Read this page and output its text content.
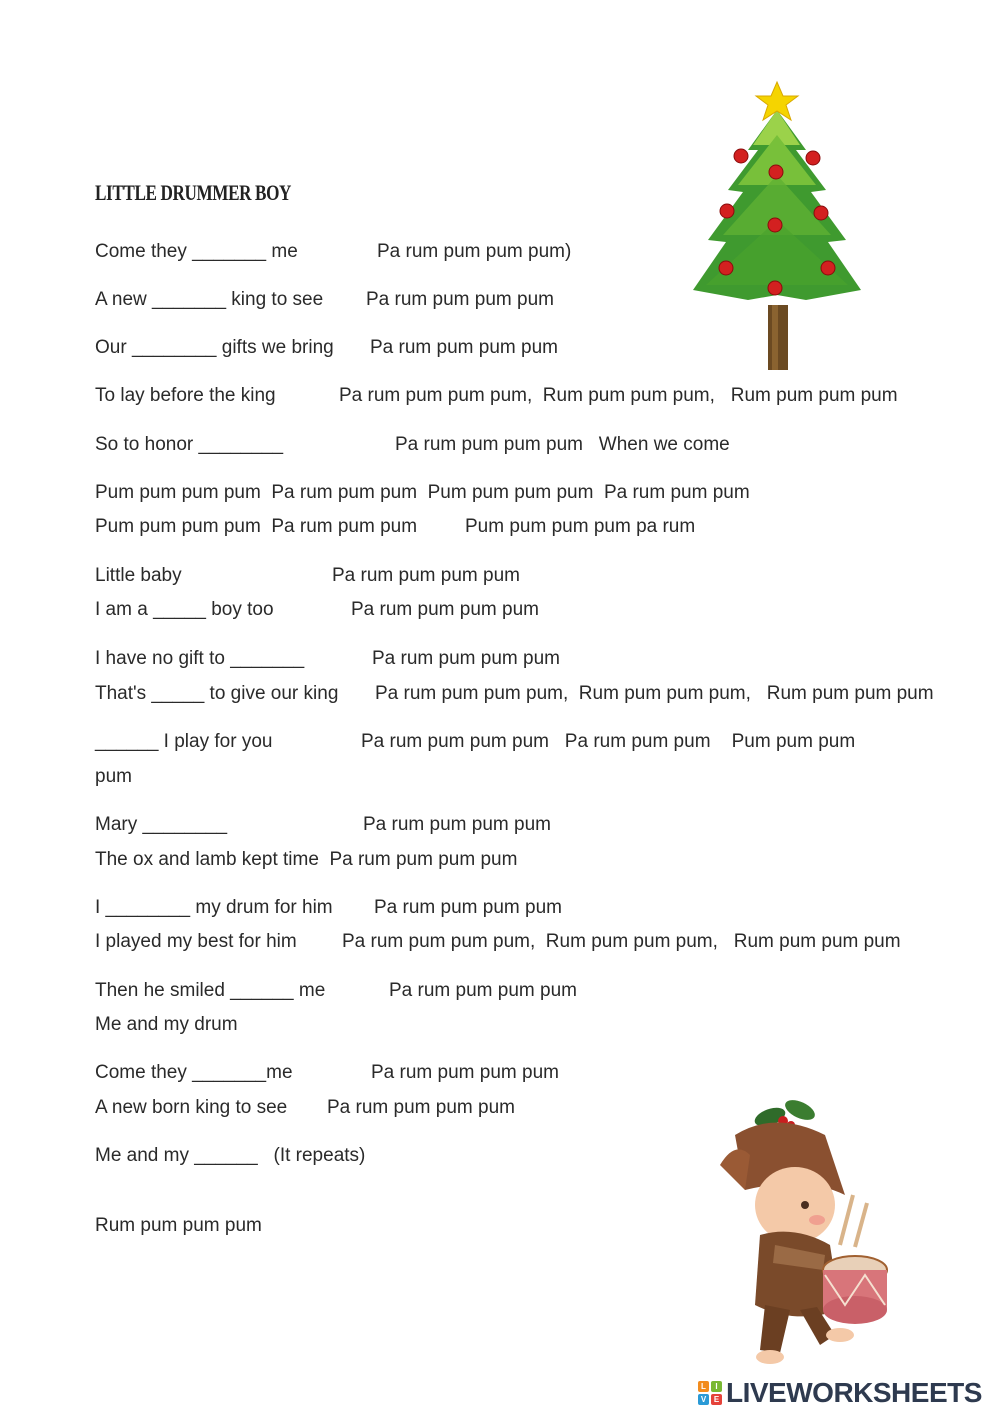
LITTLE DRUMMER BOY
Come they _______ me	Pa rum pum pum pum)
A new _______ king to see Pa rum pum pum pum
Our ________ gifts we bring Pa rum pum pum pum
To lay before the king	Pa rum pum pum pum,  Rum pum pum pum,   Rum pum pum pum
So to honor ________	Pa rum pum pum pum   When we come
Pum pum pum pum  Pa rum pum pum  Pum pum pum pum  Pa rum pum pum
Pum pum pum pum  Pa rum pum pum	Pum pum pum pum pa rum
Little baby	Pa rum pum pum pum
I am a _____ boy too	Pa rum pum pum pum
I have no gift to _______	Pa rum pum pum pum
That's _____ to give our king Pa rum pum pum pum,  Rum pum pum pum,   Rum pum pum pum
______ I play for you	Pa rum pum pum pum   Pa rum pum pum    Pum pum pum
pum
Mary ________	Pa rum pum pum pum
The ox and lamb kept time  Pa rum pum pum pum
I ________ my drum for him Pa rum pum pum pum
I played my best for him Pa rum pum pum pum,  Rum pum pum pum,   Rum pum pum pum
Then he smiled ______ me	Pa rum pum pum pum
Me and my drum
Come they _______me	Pa rum pum pum pum
A new born king to see Pa rum pum pum pum
Me and my ______   (It repeats)
Rum pum pum pum
L	I
V E LIVEWORKSHEETS
